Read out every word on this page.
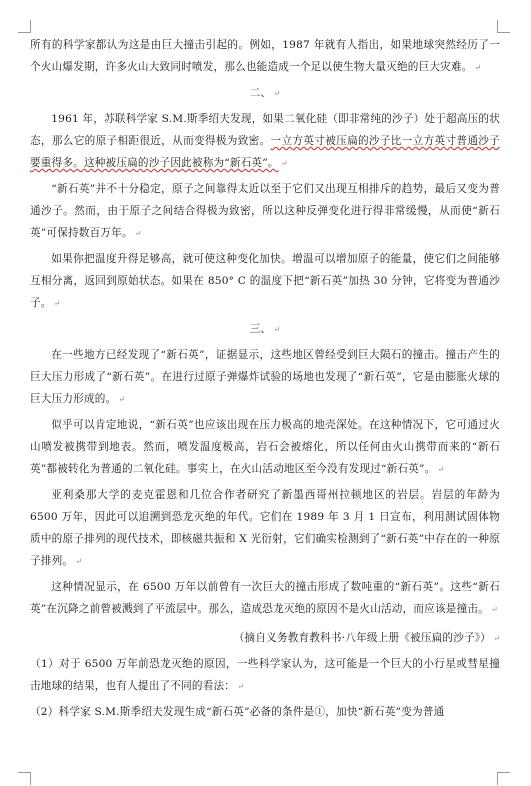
所有的科学家都认为这是由巨大撞击引起的。例如，1987 年就有人指出，如果地球突然经历了一个火山爆发期，许多火山大致同时喷发，那么也能造成一个足以使生物大量灭绝的巨大灾难。 ↵

二、 ↵

1961 年，苏联科学家 S.M.斯季绍夫发现，如果二氧化硅（即非常纯的沙子）处于超高压的状态，那么它的原子相距很近，从而变得极为致密。一立方英寸被压扁的沙子比一立方英寸普通沙子要重得多。这种被压扁的沙子因此被称为“新石英”。 ↵

“新石英”并不十分稳定，原子之间靠得太近以至于它们又出现互相排斥的趋势，最后又变为普通沙子。然而，由于原子之间结合得极为致密，所以这种反弹变化进行得非常缓慢，从而使“新石英”可保持数百万年。 ↵

如果你把温度升得足够高，就可使这种变化加快。增温可以增加原子的能量，使它们之间能够互相分离，返回到原始状态。如果在 850° C 的温度下把“新石英”加热 30 分钟，它将变为普通沙子。 ↵

三、 ↵

在一些地方已经发现了“新石英”，证据显示，这些地区曾经受到巨大陨石的撞击。撞击产生的巨大压力形成了“新石英”。在进行过原子弹爆炸试验的场地也发现了“新石英”，它是由膨胀火球的巨大压力形成的。 ↵

似乎可以肯定地说，“新石英”也应该出现在压力极高的地壳深处。在这种情况下，它可通过火山喷发被携带到地表。然而，喷发温度极高，岩石会被熔化，所以任何由火山携带而来的“新石英”都被转化为普通的二氧化硅。事实上，在火山活动地区至今没有发现过“新石英”。 ↵

亚利桑那大学的麦克霍恩和几位合作者研究了新墨西哥州拉顿地区的岩层。岩层的年龄为 6500 万年，因此可以追溯到恐龙灭绝的年代。它们在 1989 年 3 月 1 日宣布，利用测试固体物质中的原子排列的现代技术，即核磁共振和 X 光衍射，它们确实检测到了“新石英”中存在的一种原子排列。 ↵

这种情况显示，在 6500 万年以前曾有一次巨大的撞击形成了数吨重的“新石英”。这些“新石英”在沉降之前曾被溅到了平流层中。那么，造成恐龙灭绝的原因不是火山活动，而应该是撞击。 ↵

（摘自义务教育教科书·八年级上册《被压扁的沙子》） ↵

（1）对于 6500 万年前恐龙灭绝的原因，一些科学家认为，这可能是一个巨大的小行星或彗星撞击地球的结果，也有人提出了不同的看法： ↵

（2）科学家 S.M.斯季绍夫发现生成“新石英”必备的条件是①，加快“新石英”变为普通
